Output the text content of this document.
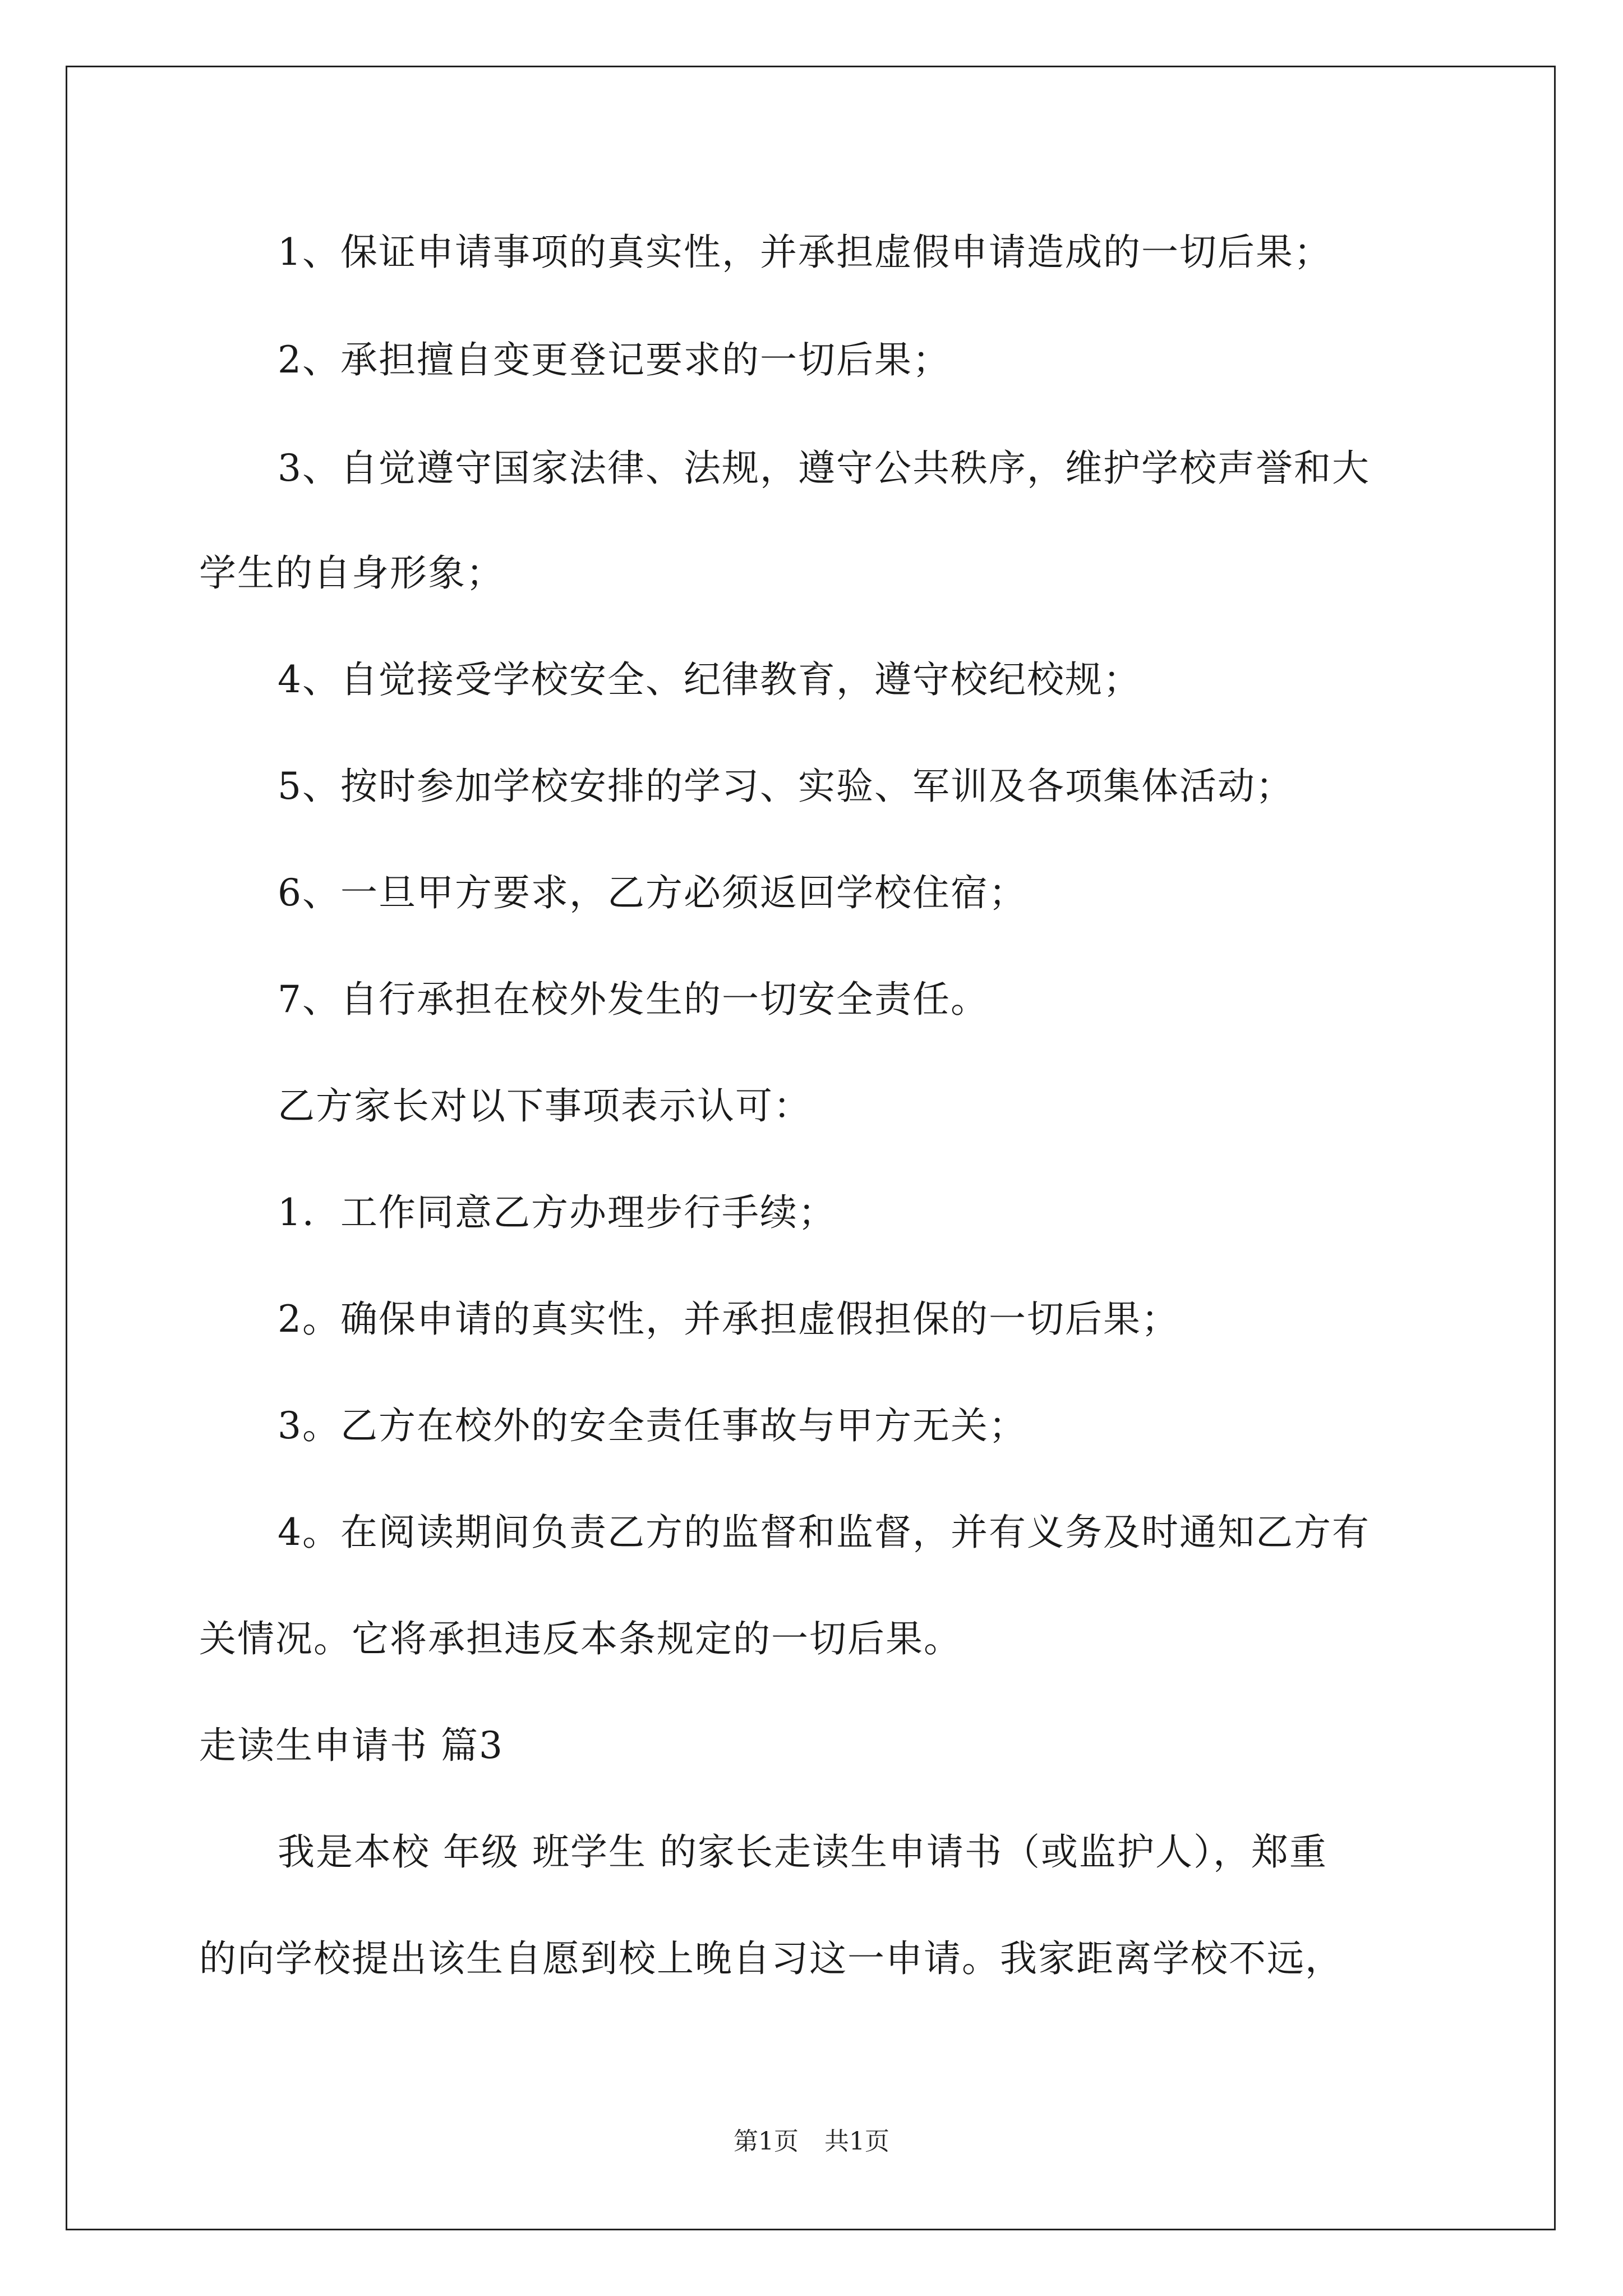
1、保证申请事项的真实性，并承担虚假申请造成的一切后果；
2、承担擅自变更登记要求的一切后果；
3、自觉遵守国家法律、法规，遵守公共秩序，维护学校声誉和大
学生的自身形象；
4、自觉接受学校安全、纪律教育，遵守校纪校规；
5、按时参加学校安排的学习、实验、军训及各项集体活动；
6、一旦甲方要求，乙方必须返回学校住宿；
7、自行承担在校外发生的一切安全责任。
乙方家长对以下事项表示认可：
1．工作同意乙方办理步行手续；
2。确保申请的真实性，并承担虚假担保的一切后果；
3。乙方在校外的安全责任事故与甲方无关；
4。在阅读期间负责乙方的监督和监督，并有义务及时通知乙方有
关情况。它将承担违反本条规定的一切后果。
走读生申请书 篇3
我是本校 年级 班学生 的家长走读生申请书（或监护人），郑重
的向学校提出该生自愿到校上晚自习这一申请。我家距离学校不远，
第1页 共1页
